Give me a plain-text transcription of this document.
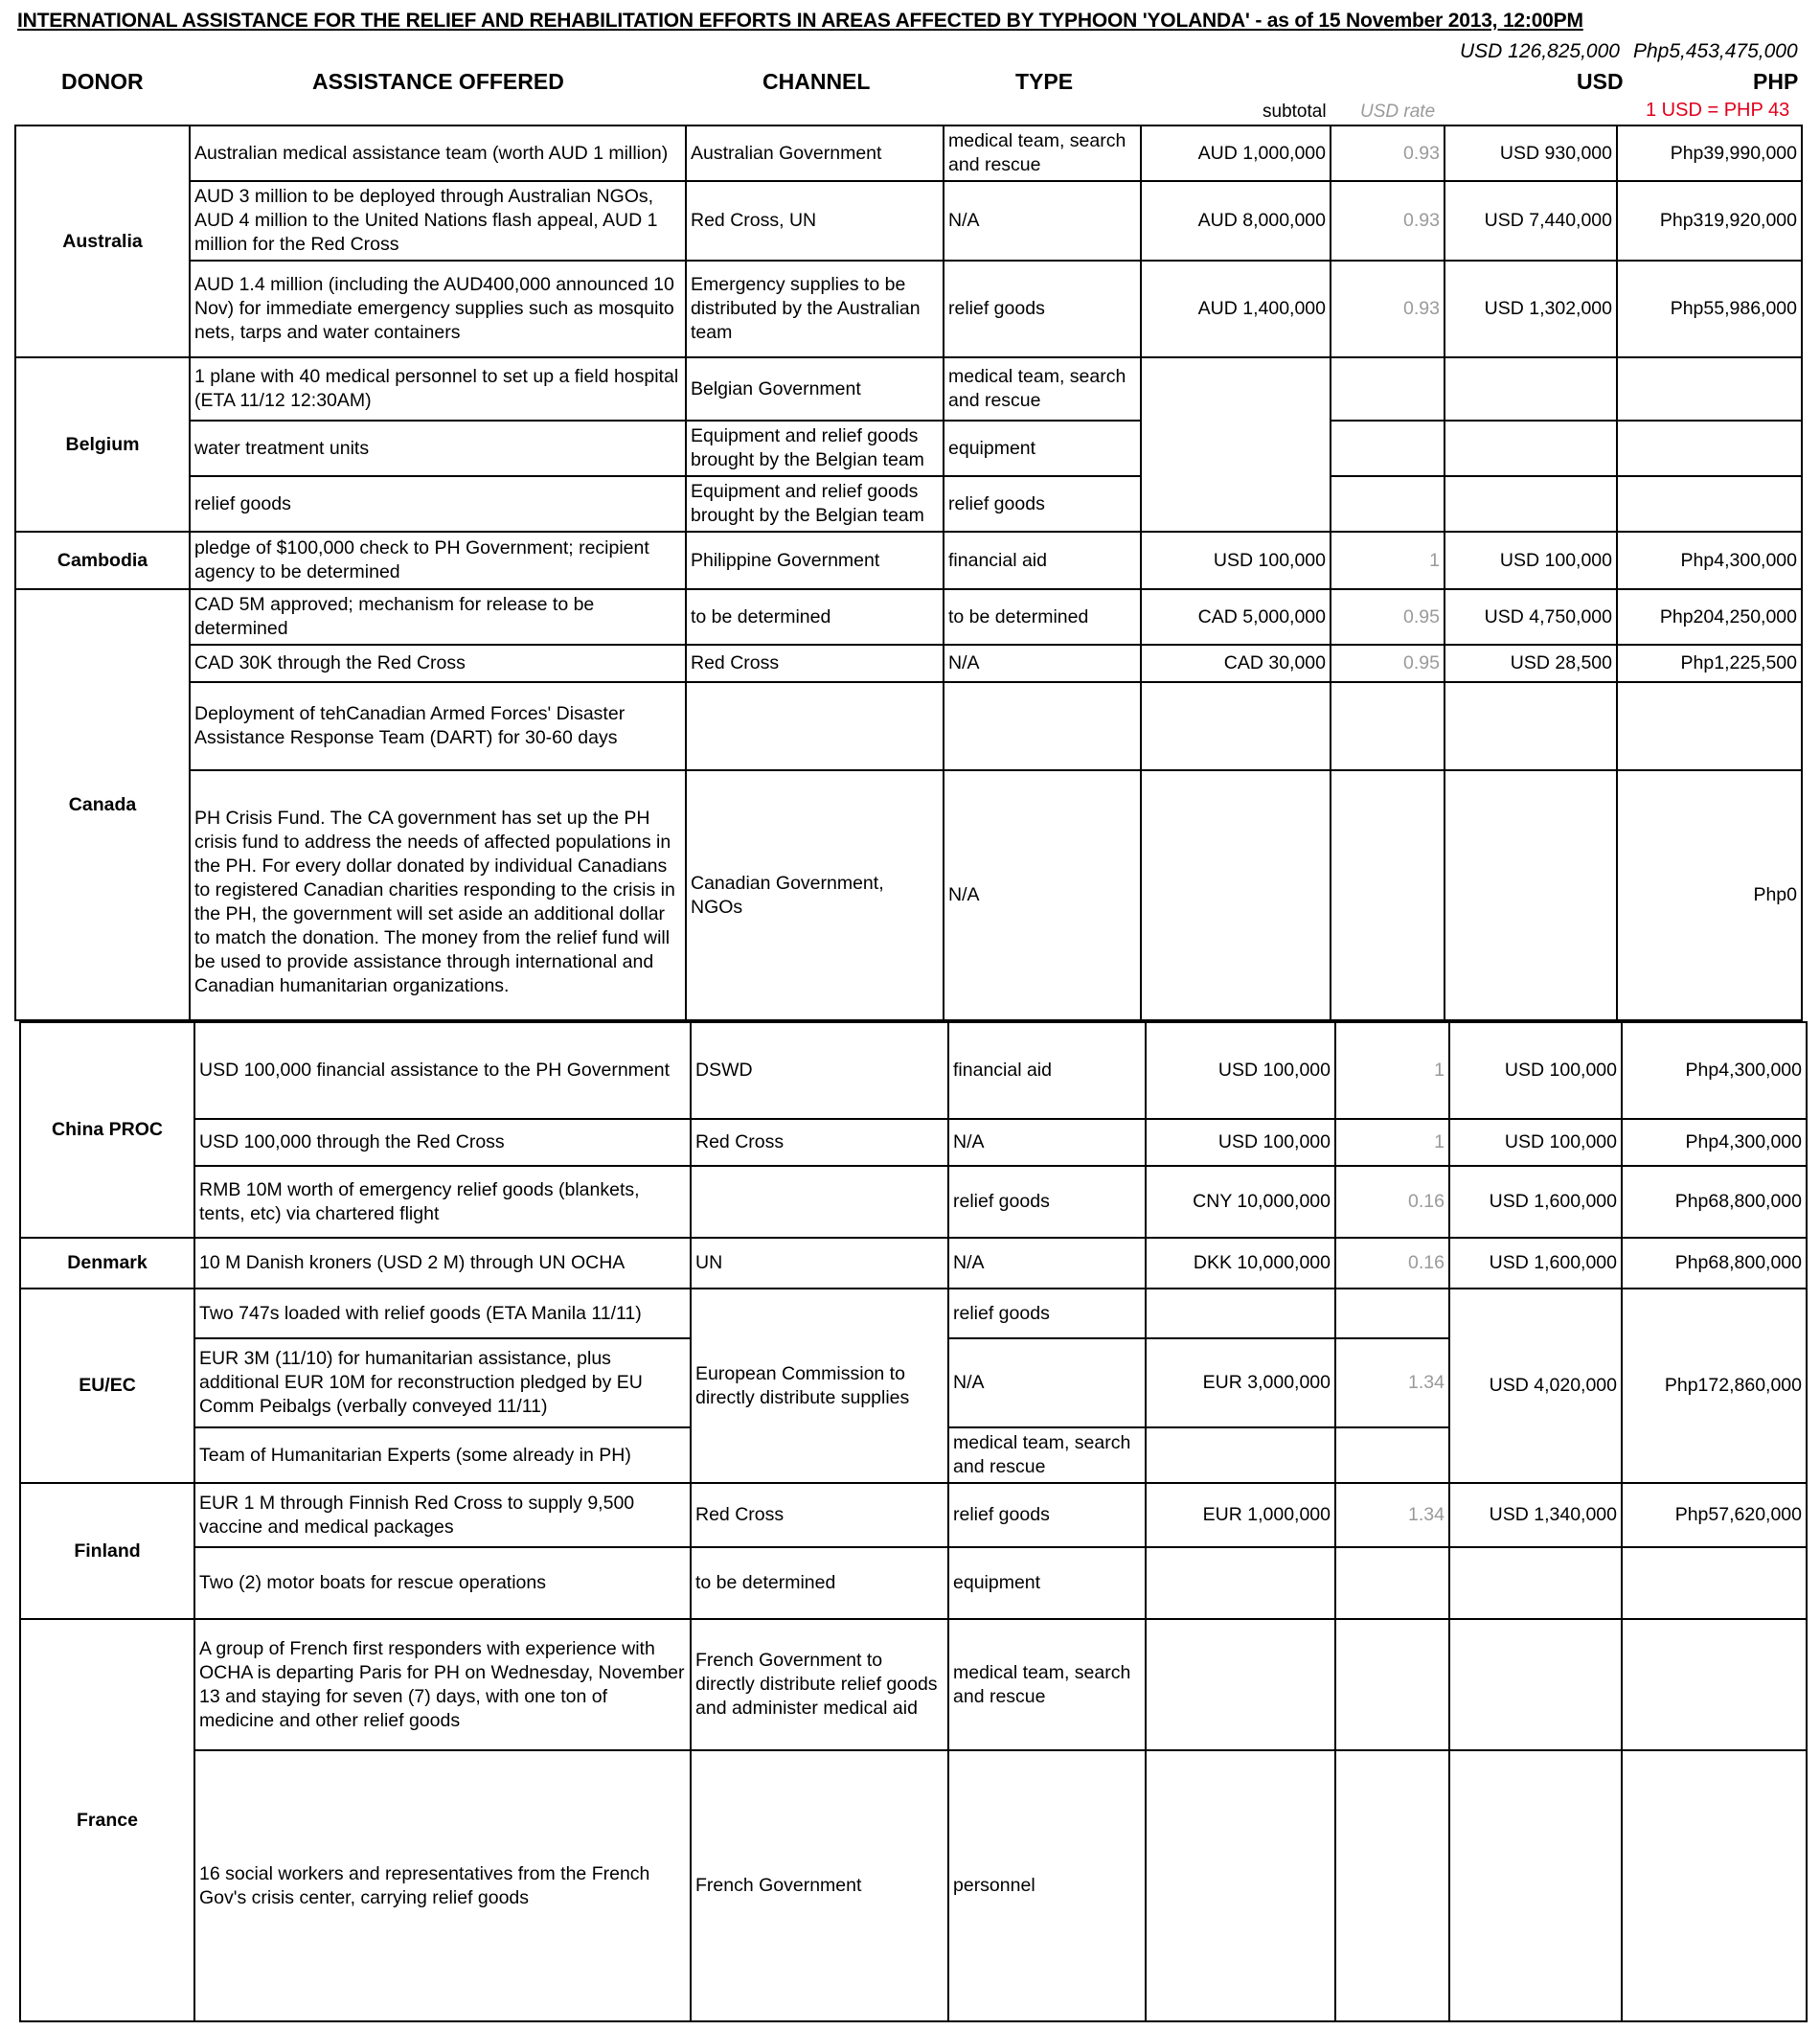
INTERNATIONAL ASSISTANCE FOR THE RELIEF AND REHABILITATION EFFORTS IN AREAS AFFECTED BY TYPHOON 'YOLANDA' - as of 15 November 2013, 12:00PM
USD 126,825,000 Php5,453,475,000
DONOR	ASSISTANCE OFFERED	CHANNEL	TYPE	USD	PHP
subtotal USD rate	1 USD = PHP 43
Australia	Australian medical assistance team (worth AUD 1 million)	Australian Government	medical team, search and rescue	AUD 1,000,000	0.93	USD 930,000	Php39,990,000
	AUD 3 million to be deployed through Australian NGOs, AUD 4 million to the United Nations flash appeal, AUD 1 million for the Red Cross	Red Cross, UN	N/A	AUD 8,000,000	0.93	USD 7,440,000	Php319,920,000
	AUD 1.4 million (including the AUD400,000 announced 10 Nov) for immediate emergency supplies such as mosquito nets, tarps and water containers	Emergency supplies to be distributed by the Australian team	relief goods	AUD 1,400,000	0.93	USD 1,302,000	Php55,986,000
Belgium	1 plane with 40 medical personnel to set up a field hospital (ETA 11/12 12:30AM)	Belgian Government	medical team, search and rescue				
	water treatment units	Equipment and relief goods brought by the Belgian team	equipment				
	relief goods	Equipment and relief goods brought by the Belgian team	relief goods				
Cambodia	pledge of $100,000 check to PH Government; recipient agency to be determined	Philippine Government	financial aid	USD 100,000	1	USD 100,000	Php4,300,000
Canada	CAD 5M approved; mechanism for release to be determined	to be determined	to be determined	CAD 5,000,000	0.95	USD 4,750,000	Php204,250,000
	CAD 30K through the Red Cross	Red Cross	N/A	CAD 30,000	0.95	USD 28,500	Php1,225,500
	Deployment of tehCanadian Armed Forces' Disaster Assistance Response Team (DART) for 30-60 days						
	PH Crisis Fund. The CA government has set up the PH crisis fund to address the needs of affected populations in the PH. For every dollar donated by individual Canadians to registered Canadian charities responding to the crisis in the PH, the government will set aside an additional dollar to match the donation. The money from the relief fund will be used to provide assistance through international and Canadian humanitarian organizations.	Canadian Government, NGOs	N/A				Php0
China PROC	USD 100,000 financial assistance to the PH Government	DSWD	financial aid	USD 100,000	1	USD 100,000	Php4,300,000
	USD 100,000 through the Red Cross	Red Cross	N/A	USD 100,000	1	USD 100,000	Php4,300,000
	RMB 10M worth of emergency relief goods (blankets, tents, etc) via chartered flight		relief goods	CNY 10,000,000	0.16	USD 1,600,000	Php68,800,000
Denmark	10 M Danish kroners (USD 2 M) through UN OCHA	UN	N/A	DKK 10,000,000	0.16	USD 1,600,000	Php68,800,000
EU/EC	Two 747s loaded with relief goods (ETA Manila 11/11)	European Commission to directly distribute supplies	relief goods			USD 4,020,000	Php172,860,000
	EUR 3M (11/10) for humanitarian assistance, plus additional EUR 10M for reconstruction pledged by EU Comm Peibalgs (verbally conveyed 11/11)		N/A	EUR 3,000,000	1.34		
	Team of Humanitarian Experts (some already in PH)		medical team, search and rescue				
Finland	EUR 1 M through Finnish Red Cross to supply 9,500 vaccine and medical packages	Red Cross	relief goods	EUR 1,000,000	1.34	USD 1,340,000	Php57,620,000
	Two (2) motor boats for rescue operations	to be determined	equipment				
France	A group of French first responders with experience with OCHA is departing Paris for PH on Wednesday, November 13 and staying for seven (7) days, with one ton of medicine and other relief goods	French Government to directly distribute relief goods and administer medical aid	medical team, search and rescue				
	16 social workers and representatives from the French Gov's crisis center, carrying relief goods	French Government	personnel				
